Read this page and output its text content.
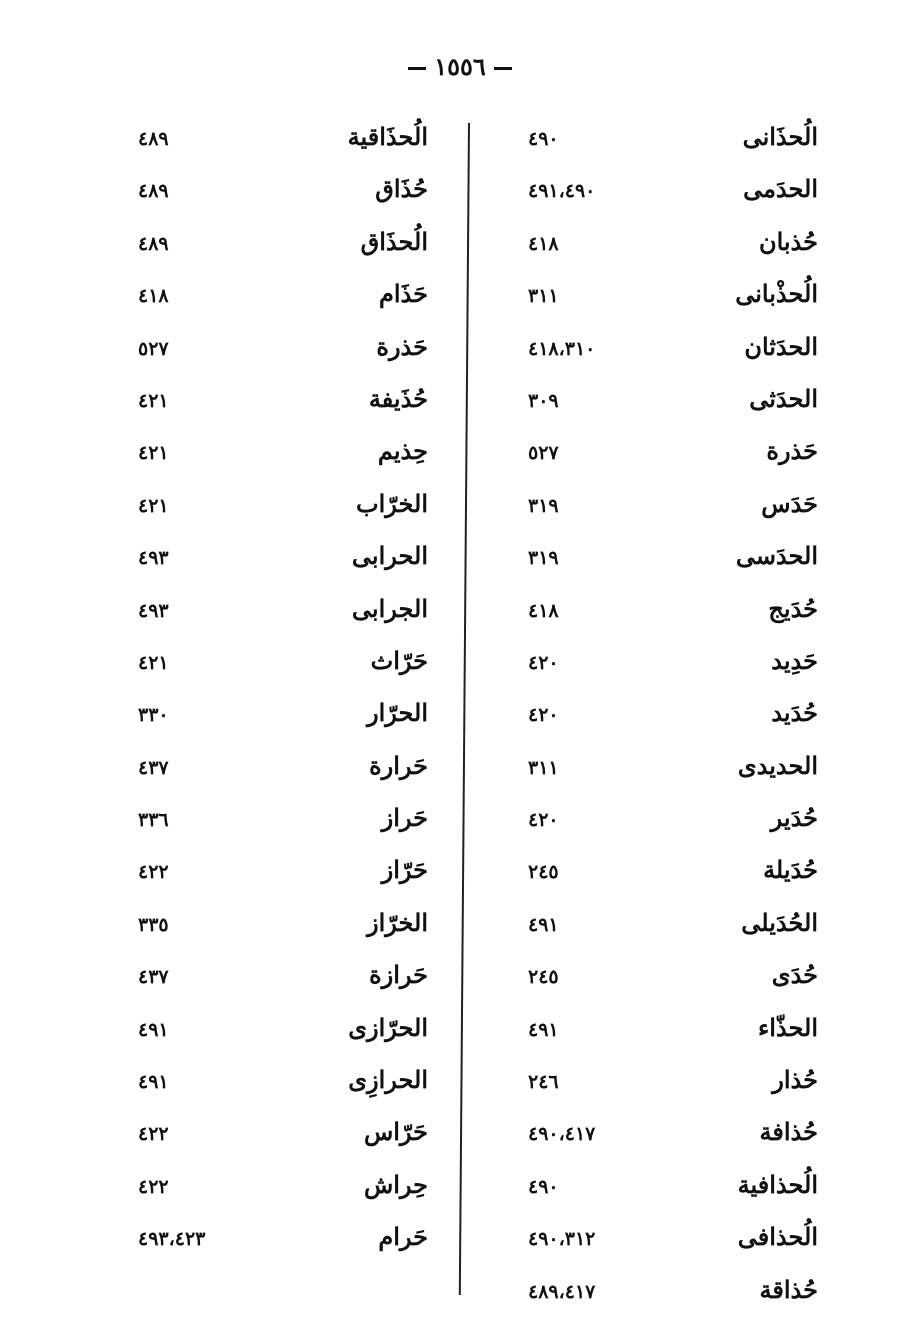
١٥٥٦
الُحذَانى
٤٩٠
الحدَمى
٤٩١،٤٩٠
حُذبان
٤١٨
الُحذْبانى
٣١١
الحدَثان
٤١٨،٣١٠
الحدَثى
٣٠٩
حَذرة
٥٢٧
حَدَس
٣١٩
الحدَسى
٣١٩
حُدَيج
٤١٨
حَدِيد
٤٢٠
حُدَيد
٤٢٠
الحديدى
٣١١
حُدَير
٤٢٠
حُدَيلة
٢٤٥
الحُدَيلى
٤٩١
حُدَى
٢٤٥
الحذّاء
٤٩١
حُذار
٢٤٦
حُذافة
٤٩٠،٤١٧
الُحذافية
٤٩٠
الُحذافى
٤٩٠،٣١٢
حُذاقة
٤٨٩،٤١٧
الُحذَاقية
٤٨٩
حُذَاق
٤٨٩
الُحذَاق
٤٨٩
حَذَام
٤١٨
حَذرة
٥٢٧
حُذَيفة
٤٢١
حِذيم
٤٢١
الخرّاب
٤٢١
الحرابى
٤٩٣
الجرابى
٤٩٣
حَرّاث
٤٢١
الحرّار
٣٣٠
حَرارة
٤٣٧
حَراز
٣٣٦
حَرّاز
٤٢٢
الخرّاز
٣٣٥
حَرازة
٤٣٧
الحرّازى
٤٩١
الحرازِى
٤٩١
حَرّاس
٤٢٢
حِراش
٤٢٢
حَرام
٤٩٣،٤٢٣
